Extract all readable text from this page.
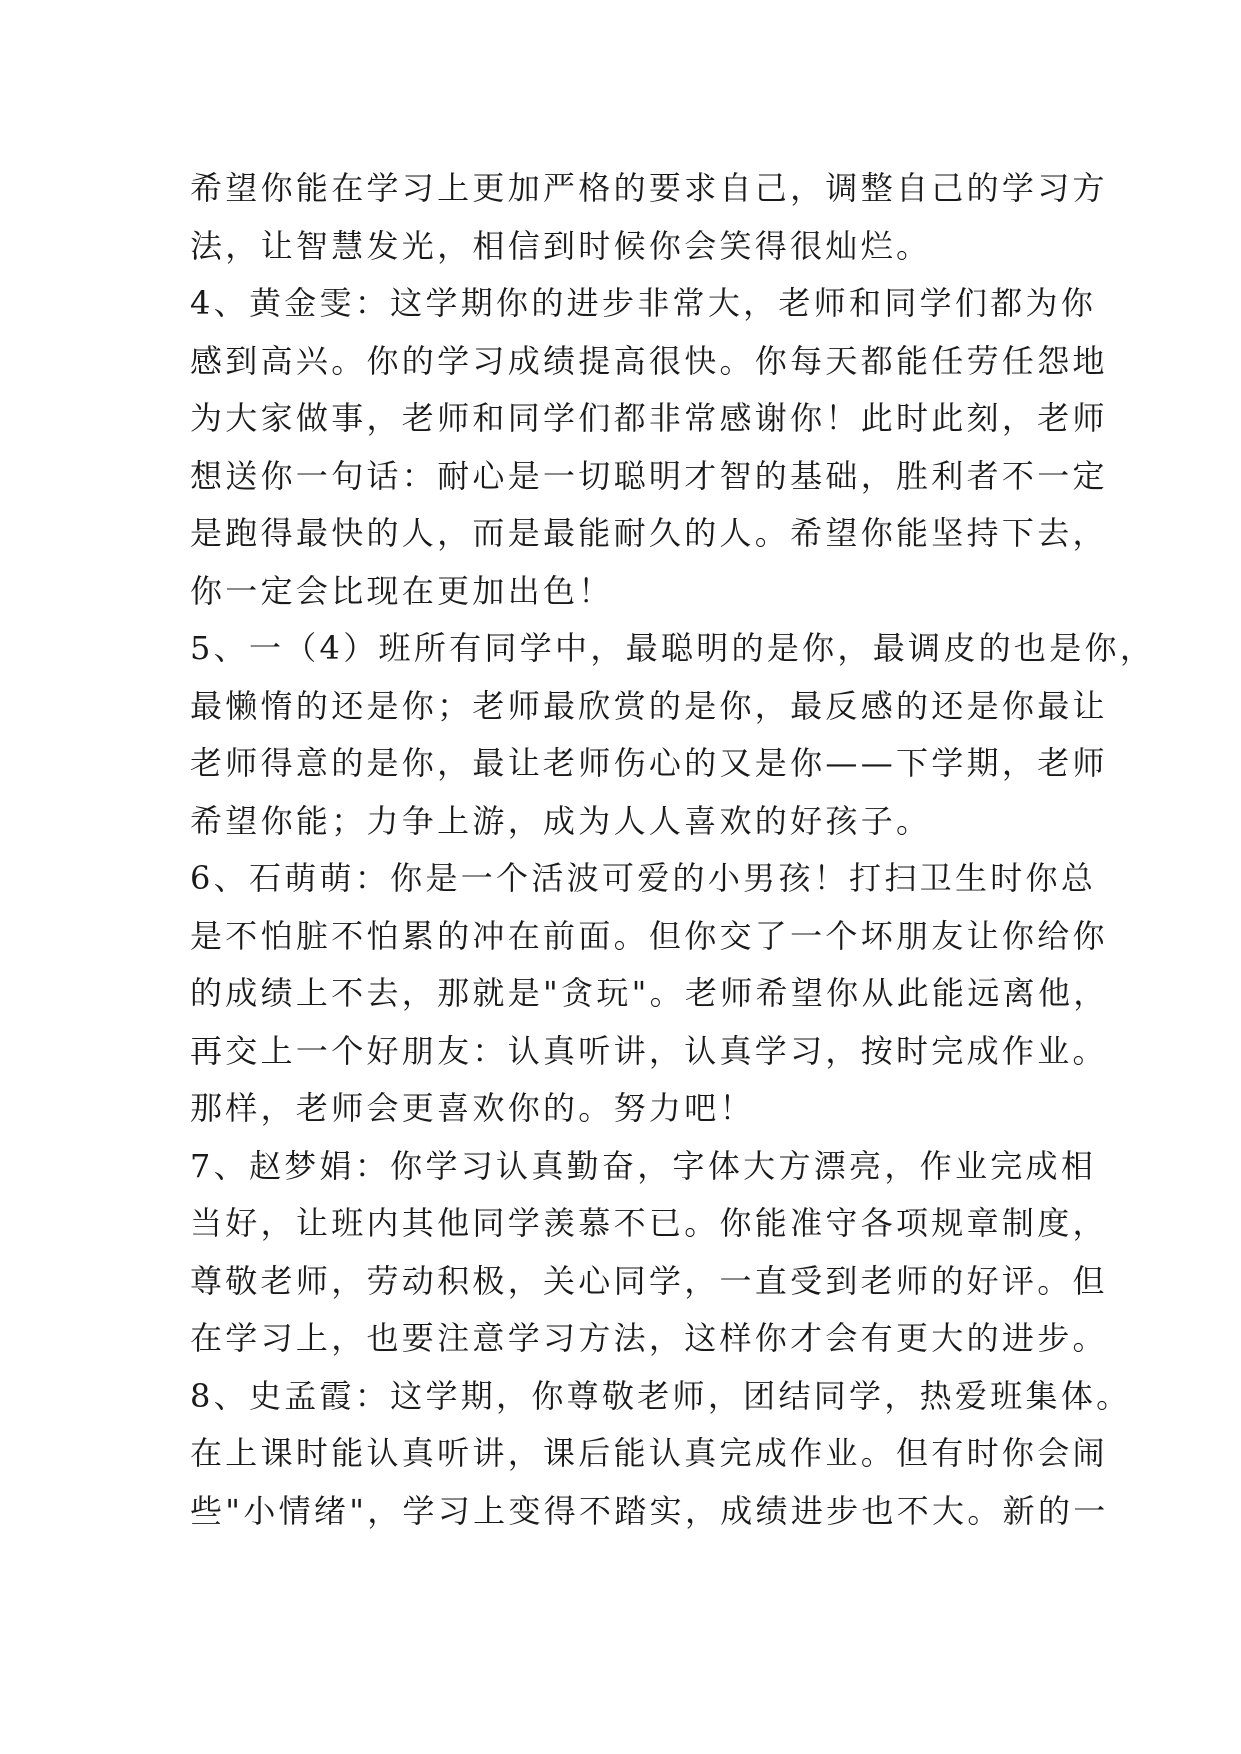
希望你能在学习上更加严格的要求自己，调整自己的学习方
法，让智慧发光，相信到时候你会笑得很灿烂。
4、黄金雯：这学期你的进步非常大，老师和同学们都为你
感到高兴。你的学习成绩提高很快。你每天都能任劳任怨地
为大家做事，老师和同学们都非常感谢你！此时此刻，老师
想送你一句话：耐心是一切聪明才智的基础，胜利者不一定
是跑得最快的人，而是最能耐久的人。希望你能坚持下去，
你一定会比现在更加出色！
5、一（4）班所有同学中，最聪明的是你，最调皮的也是你，
最懒惰的还是你；老师最欣赏的是你，最反感的还是你最让
老师得意的是你，最让老师伤心的又是你——下学期，老师
希望你能；力争上游，成为人人喜欢的好孩子。
6、石萌萌：你是一个活波可爱的小男孩！打扫卫生时你总
是不怕脏不怕累的冲在前面。但你交了一个坏朋友让你给你
的成绩上不去，那就是"贪玩"。老师希望你从此能远离他，
再交上一个好朋友：认真听讲，认真学习，按时完成作业。
那样，老师会更喜欢你的。努力吧！
7、赵梦娟：你学习认真勤奋，字体大方漂亮，作业完成相
当好，让班内其他同学羡慕不已。你能准守各项规章制度，
尊敬老师，劳动积极，关心同学，一直受到老师的好评。但
在学习上，也要注意学习方法，这样你才会有更大的进步。
8、史孟霞：这学期，你尊敬老师，团结同学，热爱班集体。
在上课时能认真听讲，课后能认真完成作业。但有时你会闹
些"小情绪"，学习上变得不踏实，成绩进步也不大。新的一
